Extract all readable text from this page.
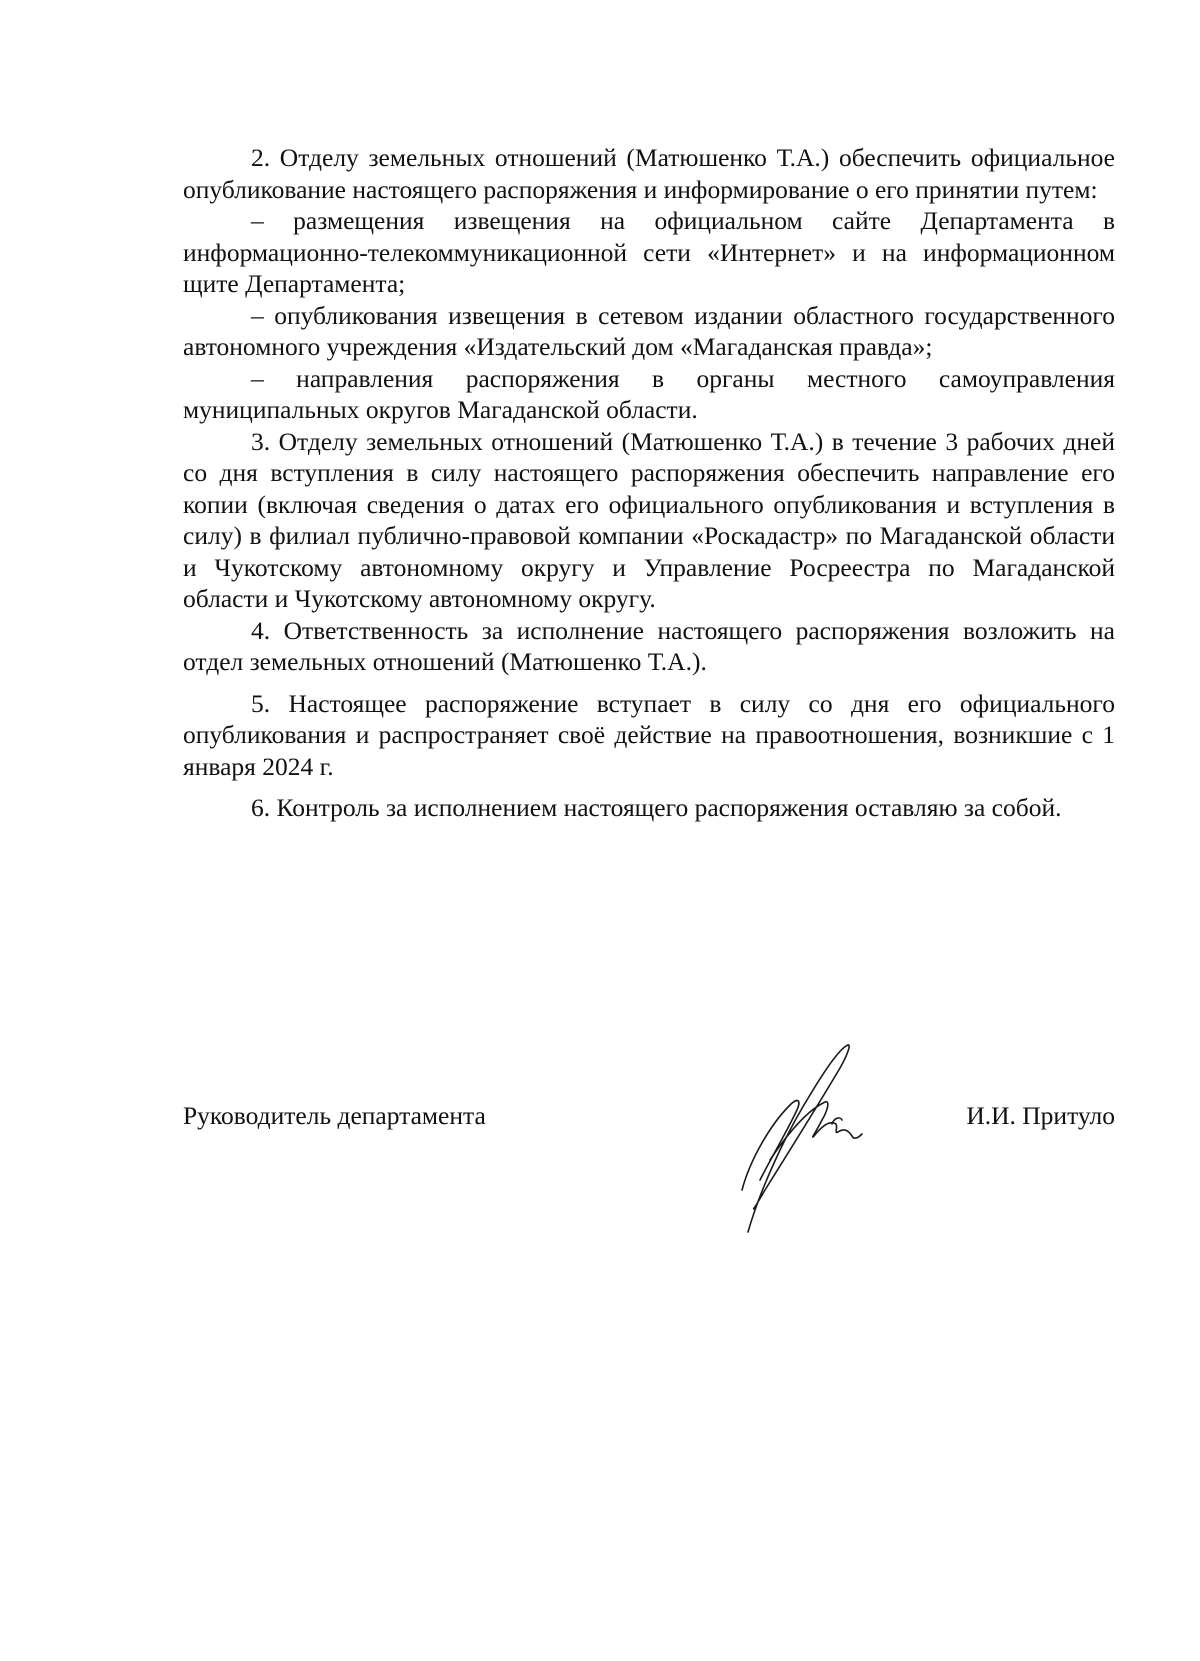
2. Отделу земельных отношений (Матюшенко Т.А.) обеспечить официальное опубликование настоящего распоряжения и информирование о его принятии путем:

– размещения извещения на официальном сайте Департамента в информационно-телекоммуникационной сети «Интернет» и на информационном щите Департамента;

– опубликования извещения в сетевом издании областного государственного автономного учреждения «Издательский дом «Магаданская правда»;

– направления распоряжения в органы местного самоуправления муниципальных округов Магаданской области.

3. Отделу земельных отношений (Матюшенко Т.А.) в течение 3 рабочих дней со дня вступления в силу настоящего распоряжения обеспечить направление его копии (включая сведения о датах его официального опубликования и вступления в силу) в филиал публично-правовой компании «Роскадастр» по Магаданской области и Чукотскому автономному округу и Управление Росреестра по Магаданской области и Чукотскому автономному округу.

4. Ответственность за исполнение настоящего распоряжения возложить на отдел земельных отношений (Матюшенко Т.А.).

5. Настоящее распоряжение вступает в силу со дня его официального опубликования и распространяет своё действие на правоотношения, возникшие с 1 января 2024 г.

6. Контроль за исполнением настоящего распоряжения оставляю за собой.

Руководитель департамента	И.И. Притуло
